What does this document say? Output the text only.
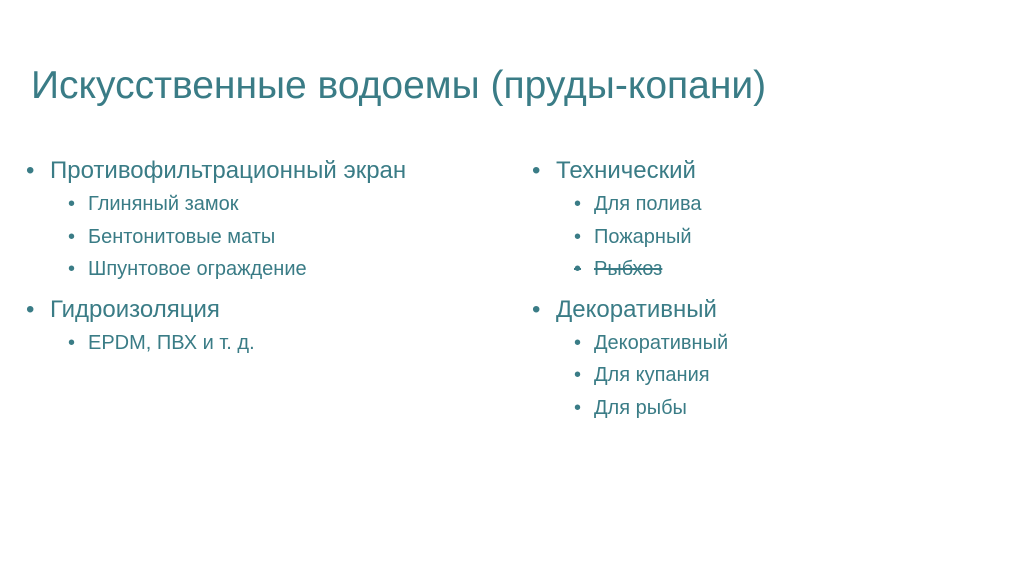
Искусственные водоемы (пруды-копани)
• Противофильтрационный экран
• Глиняный замок
• Бентонитовые маты
• Шпунтовое ограждение
• Гидроизоляция
• EPDM, ПВХ и т. д.
• Технический
• Для полива
• Пожарный
• Рыбхоз
• Декоративный
• Декоративный
• Для купания
• Для рыбы
